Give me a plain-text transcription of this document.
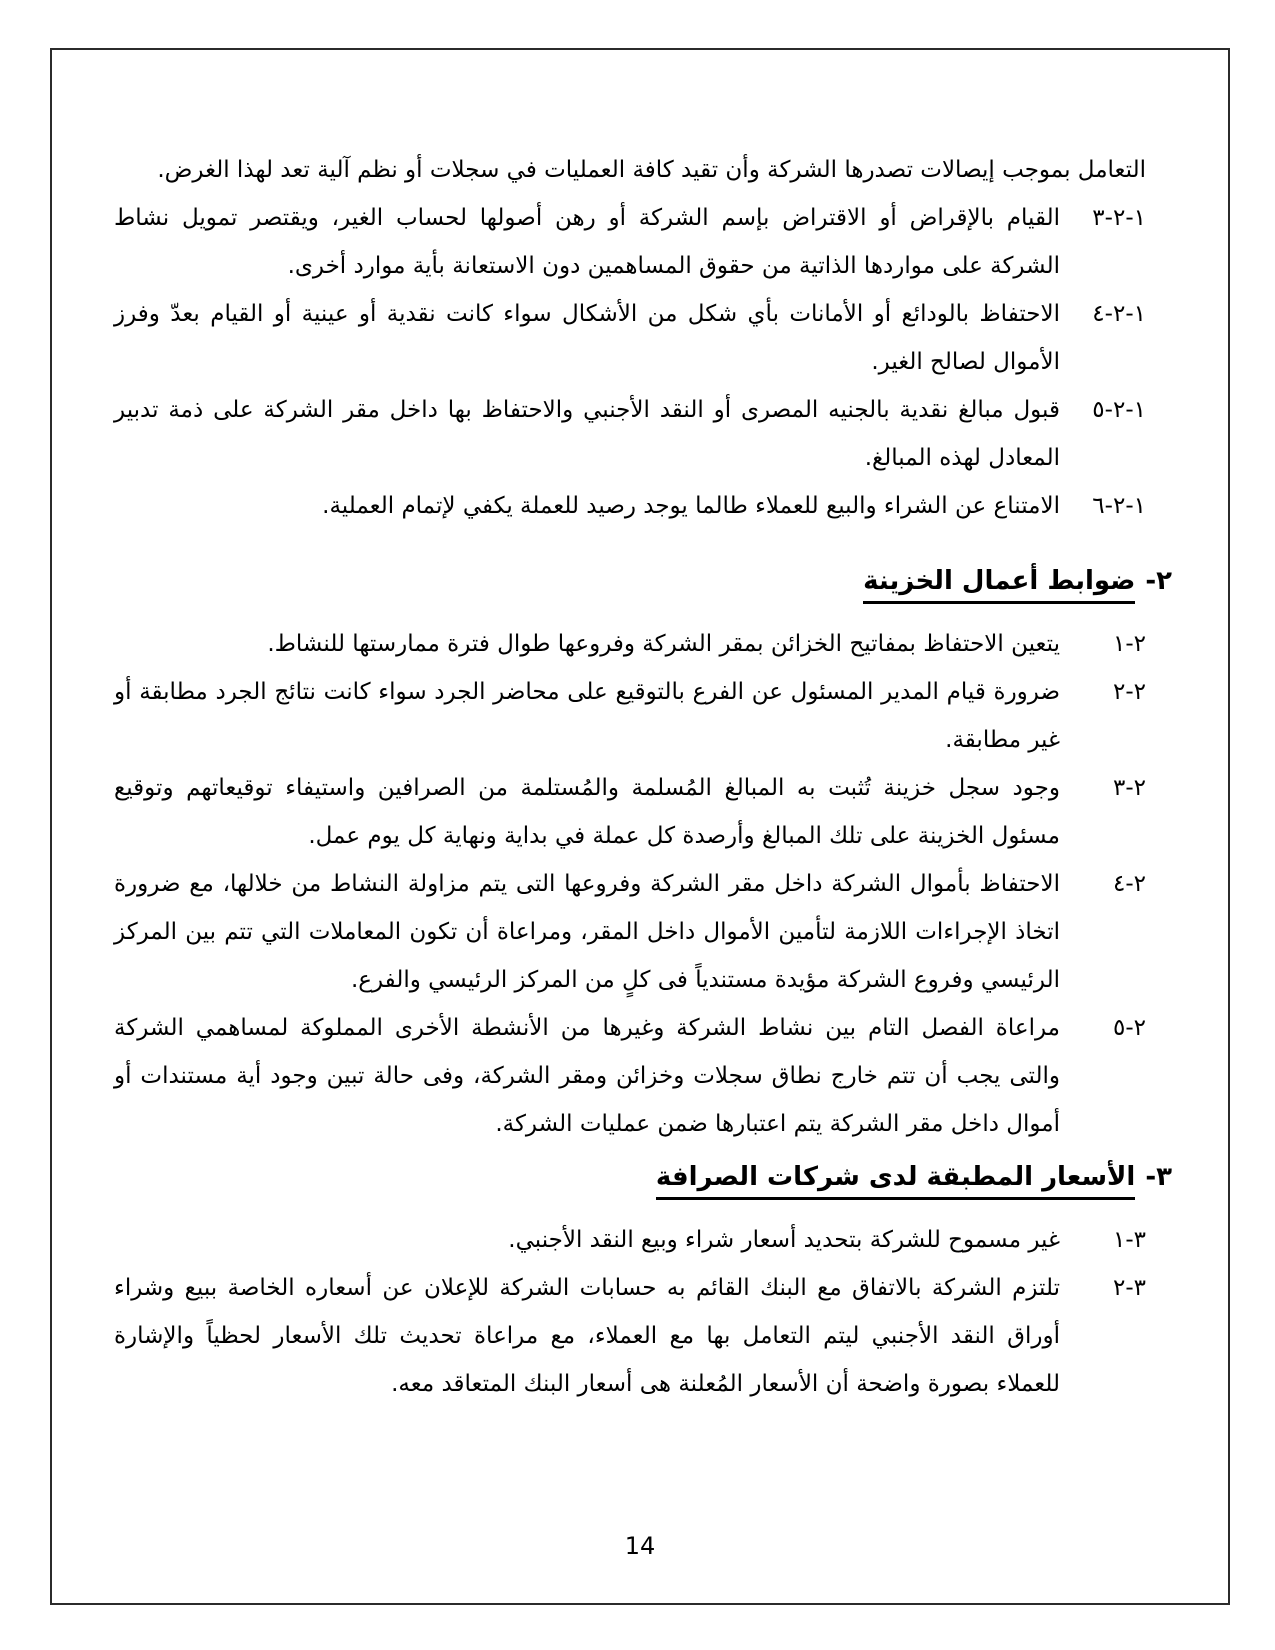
التعامل بموجب إيصالات تصدرها الشركة وأن تقيد كافة العمليات في سجلات أو نظم آلية تعد لهذا الغرض.

١-٢-٣القيام بالإقراض أو الاقتراض بإسم الشركة أو رهن أصولها لحساب الغير، ويقتصر تمويل نشاط الشركة على مواردها الذاتية من حقوق المساهمين دون الاستعانة بأية موارد أخرى.

١-٢-٤الاحتفاظ بالودائع أو الأمانات بأي شكل من الأشكال سواء كانت نقدية أو عينية أو القيام بعدّ وفرز الأموال لصالح الغير.

١-٢-٥قبول مبالغ نقدية بالجنيه المصرى أو النقد الأجنبي والاحتفاظ بها داخل مقر الشركة على ذمة تدبير المعادل لهذه المبالغ.

١-٢-٦الامتناع عن الشراء والبيع للعملاء طالما يوجد رصيد للعملة يكفي لإتمام العملية.

٢-ضوابط أعمال الخزينة

٢-١يتعين الاحتفاظ بمفاتيح الخزائن بمقر الشركة وفروعها طوال فترة ممارستها للنشاط.

٢-٢ضرورة قيام المدير المسئول عن الفرع بالتوقيع على محاضر الجرد سواء كانت نتائج الجرد مطابقة أو غير مطابقة.

٢-٣وجود سجل خزينة تُثبت به المبالغ المُسلمة والمُستلمة من الصرافين واستيفاء توقيعاتهم وتوقيع مسئول الخزينة على تلك المبالغ وأرصدة كل عملة في بداية ونهاية كل يوم عمل.

٢-٤الاحتفاظ بأموال الشركة داخل مقر الشركة وفروعها التى يتم مزاولة النشاط من خلالها، مع ضرورة اتخاذ الإجراءات اللازمة لتأمين الأموال داخل المقر، ومراعاة أن تكون المعاملات التي تتم بين المركز الرئيسي وفروع الشركة مؤيدة مستندياً فى كلٍ من المركز الرئيسي والفرع.

٢-٥مراعاة الفصل التام بين نشاط الشركة وغيرها من الأنشطة الأخرى المملوكة لمساهمي الشركة والتى يجب أن تتم خارج نطاق سجلات وخزائن ومقر الشركة، وفى حالة تبين وجود أية مستندات أو أموال داخل مقر الشركة يتم اعتبارها ضمن عمليات الشركة.

٣-الأسعار المطبقة لدى شركات الصرافة

٣-١غير مسموح للشركة بتحديد أسعار شراء وبيع النقد الأجنبي.

٣-٢تلتزم الشركة بالاتفاق مع البنك القائم به حسابات الشركة للإعلان عن أسعاره الخاصة ببيع وشراء أوراق النقد الأجنبي ليتم التعامل بها مع العملاء، مع مراعاة تحديث تلك الأسعار لحظياً والإشارة للعملاء بصورة واضحة أن الأسعار المُعلنة هى أسعار البنك المتعاقد معه.

14
